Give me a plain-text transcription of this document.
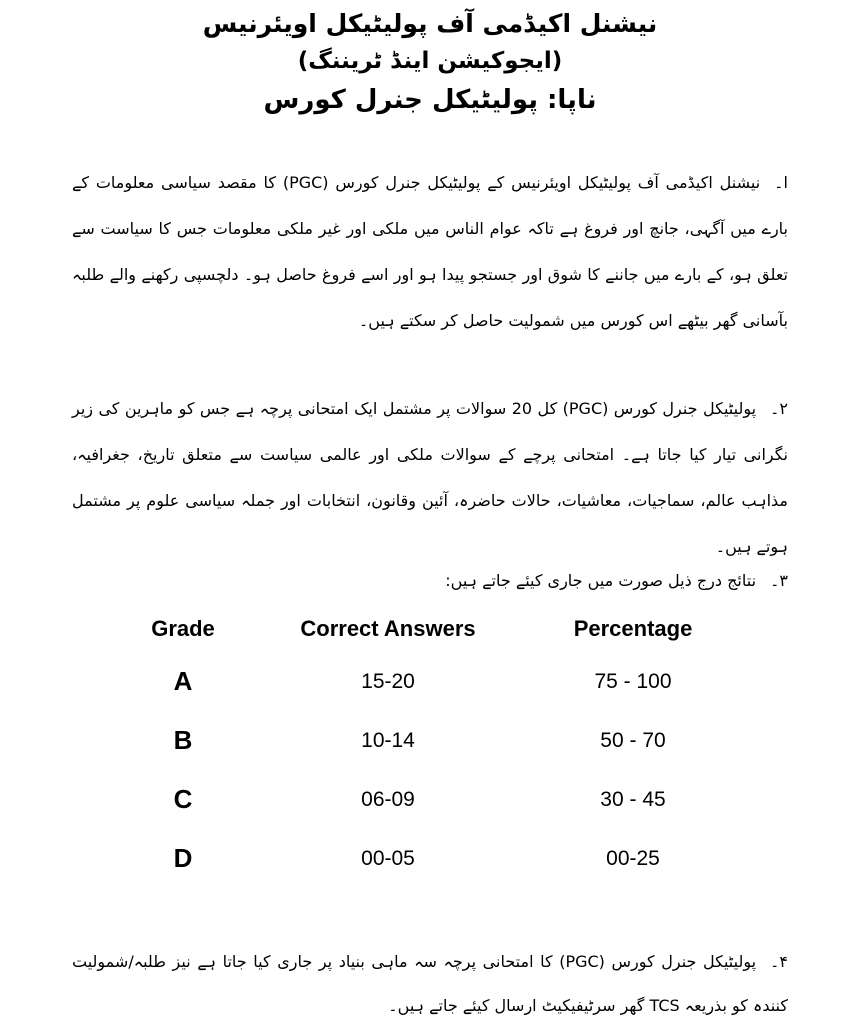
نیشنل اکیڈمی آف پولیٹیکل اویئرنیس
(ایجوکیشن اینڈ ٹریننگ)
ناپا: پولیٹیکل جنرل کورس
ا۔نیشنل اکیڈمی آف پولیٹیکل اویئرنیس کے پولیٹیکل جنرل کورس (PGC) کا مقصد سیاسی معلومات کے بارے میں آگہی، جانچ اور فروغ ہے تاکہ عوام الناس میں ملکی اور غیر ملکی معلومات جس کا سیاست سے تعلق ہو، کے بارے میں جاننے کا شوق اور جستجو پیدا ہو اور اسے فروغ حاصل ہو۔ دلچسپی رکھنے والے طلبہ بآسانی گھر بیٹھے اس کورس میں شمولیت حاصل کر سکتے ہیں۔
۲۔پولیٹیکل جنرل کورس (PGC) کل 20 سوالات پر مشتمل ایک امتحانی پرچہ ہے جس کو ماہرین کی زیر نگرانی تیار کیا جاتا ہے۔ امتحانی پرچے کے سوالات ملکی اور عالمی سیاست سے متعلق تاریخ، جغرافیہ، مذاہب عالم، سماجیات، معاشیات، حالات حاضرہ، آئین وقانون، انتخابات اور جملہ سیاسی علوم پر مشتمل ہوتے ہیں۔
۳۔نتائج درج ذیل صورت میں جاری کیئے جاتے ہیں:
Grade	Correct Answers	Percentage
A	15-20	75 - 100
B	10-14	50 - 70
C	06-09	30 - 45
D	00-05	00-25
۴۔پولیٹیکل جنرل کورس (PGC) کا امتحانی پرچہ سہ ماہی بنیاد پر جاری کیا جاتا ہے نیز طلبہ/شمولیت کنندہ کو بذریعہ TCS گھر سرٹیفیکیٹ ارسال کیئے جاتے ہیں۔
